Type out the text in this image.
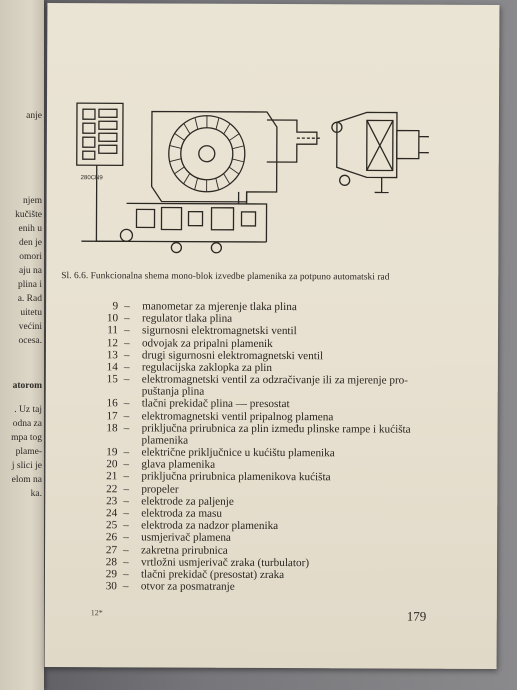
anje
njem
kučište
enih u
den je
omori
aju na
plina i
a. Rad
uitetu
većini
ocesa.
atorom
. Uz taj
odna za
mpa tog
plame-
j slici je
elom na
ka.
280СN9
Sl. 6.6. Funkcionalna shema mono-blok izvedbe plamenika za potpuno automatski rad
9 – manometar za mjerenje tlaka plina
10 – regulator tlaka plina
11 – sigurnosni elektromagnetski ventil
12 – odvojak za pripalni plamenik
13 – drugi sigurnosni elektromagnetski ventil
14 – regulacijska zaklopka za plin
15 – elektromagnetski ventil za odzračivanje ili za mjerenje pro-
puštanja plina
16 – tlačni prekidač plina — presostat
17 – elektromagnetski ventil pripalnog plamena
18 – priključna prirubnica za plin između plinske rampe i kućišta
plamenika
19 – električne priključnice u kućištu plamenika
20 – glava plamenika
21 – priključna prirubnica plamenikova kućišta
22 – propeler
23 – elektrode za paljenje
24 – elektroda za masu
25 – elektroda za nadzor plamenika
26 – usmjerivač plamena
27 – zakretna prirubnica
28 – vrtložni usmjerivač zraka (turbulator)
29 – tlačni prekidač (presostat) zraka
30 – otvor za posmatranje
12*	179
